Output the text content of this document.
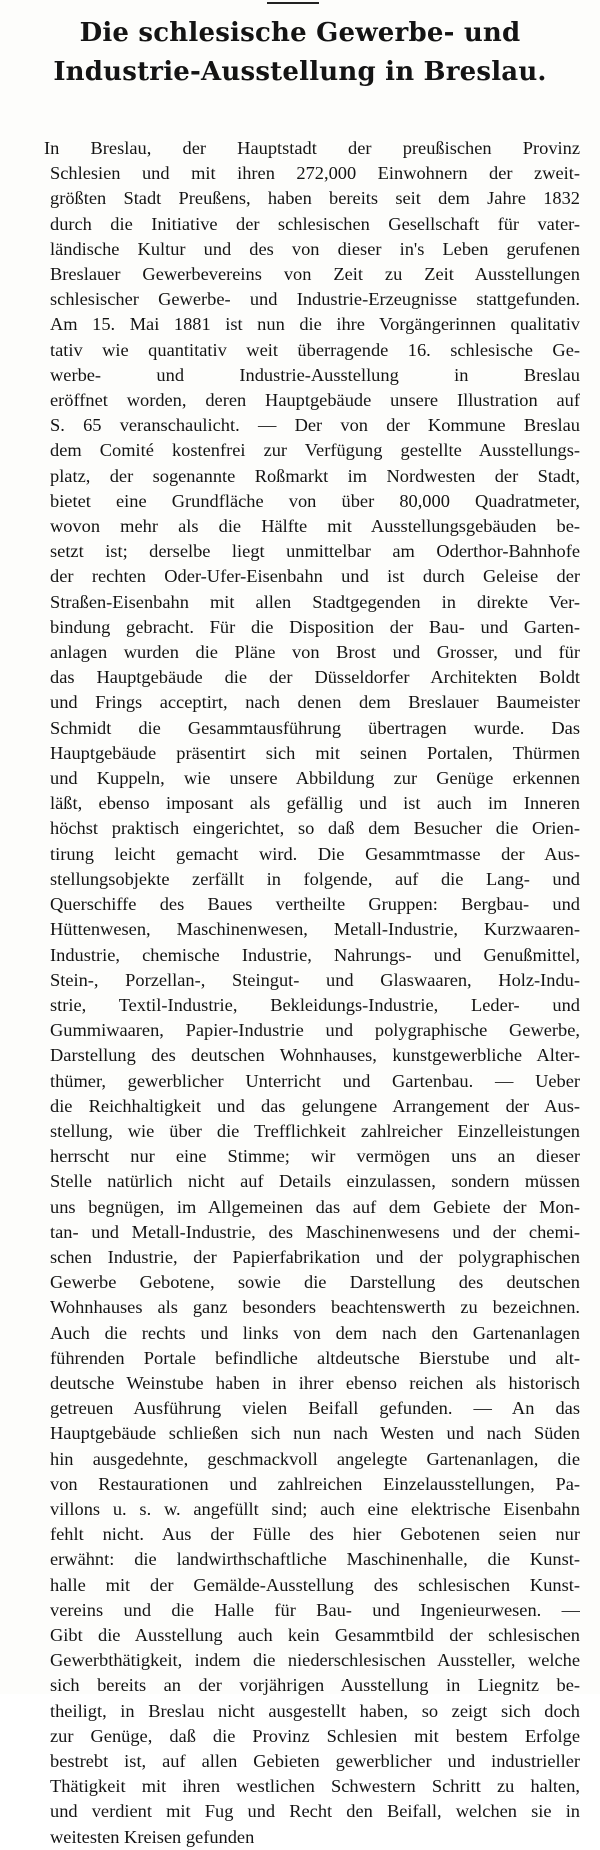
Die schlesische Gewerbe- und Industrie-Ausstellung in Breslau.

In Breslau, der Hauptstadt der preußischen Provinz
Schlesien und mit ihren 272,000 Einwohnern der zweit-
größten Stadt Preußens, haben bereits seit dem Jahre 1832
durch die Initiative der schlesischen Gesellschaft für vater-
ländische Kultur und des von dieser in's Leben gerufenen
Breslauer Gewerbevereins von Zeit zu Zeit Ausstellungen
schlesischer Gewerbe- und Industrie-Erzeugnisse stattgefunden.
Am 15. Mai 1881 ist nun die ihre Vorgängerinnen qualitativ
tativ wie quantitativ weit überragende 16. schlesische Ge-
werbe- und Industrie-Ausstellung in Breslau
eröffnet worden, deren Hauptgebäude unsere Illustration auf
S. 65 veranschaulicht. — Der von der Kommune Breslau
dem Comité kostenfrei zur Verfügung gestellte Ausstellungs-
platz, der sogenannte Roßmarkt im Nordwesten der Stadt,
bietet eine Grundfläche von über 80,000 Quadratmeter,
wovon mehr als die Hälfte mit Ausstellungsgebäuden be-
setzt ist; derselbe liegt unmittelbar am Oderthor-Bahnhofe
der rechten Oder-Ufer-Eisenbahn und ist durch Geleise der
Straßen-Eisenbahn mit allen Stadtgegenden in direkte Ver-
bindung gebracht. Für die Disposition der Bau- und Garten-
anlagen wurden die Pläne von Brost und Grosser, und für
das Hauptgebäude die der Düsseldorfer Architekten Boldt
und Frings acceptirt, nach denen dem Breslauer Baumeister
Schmidt die Gesammtausführung übertragen wurde. Das
Hauptgebäude präsentirt sich mit seinen Portalen, Thürmen
und Kuppeln, wie unsere Abbildung zur Genüge erkennen
läßt, ebenso imposant als gefällig und ist auch im Inneren
höchst praktisch eingerichtet, so daß dem Besucher die Orien-
tirung leicht gemacht wird. Die Gesammtmasse der Aus-
stellungsobjekte zerfällt in folgende, auf die Lang- und
Querschiffe des Baues vertheilte Gruppen: Bergbau- und
Hüttenwesen, Maschinenwesen, Metall-Industrie, Kurzwaaren-
Industrie, chemische Industrie, Nahrungs- und Genußmittel,
Stein-, Porzellan-, Steingut- und Glaswaaren, Holz-Indu-
strie, Textil-Industrie, Bekleidungs-Industrie, Leder- und
Gummiwaaren, Papier-Industrie und polygraphische Gewerbe,
Darstellung des deutschen Wohnhauses, kunstgewerbliche Alter-
thümer, gewerblicher Unterricht und Gartenbau. — Ueber
die Reichhaltigkeit und das gelungene Arrangement der Aus-
stellung, wie über die Trefflichkeit zahlreicher Einzelleistungen
herrscht nur eine Stimme; wir vermögen uns an dieser
Stelle natürlich nicht auf Details einzulassen, sondern müssen
uns begnügen, im Allgemeinen das auf dem Gebiete der Mon-
tan- und Metall-Industrie, des Maschinenwesens und der chemi-
schen Industrie, der Papierfabrikation und der polygraphischen
Gewerbe Gebotene, sowie die Darstellung des deutschen
Wohnhauses als ganz besonders beachtenswerth zu bezeichnen.
Auch die rechts und links von dem nach den Gartenanlagen
führenden Portale befindliche altdeutsche Bierstube und alt-
deutsche Weinstube haben in ihrer ebenso reichen als historisch
getreuen Ausführung vielen Beifall gefunden. — An das
Hauptgebäude schließen sich nun nach Westen und nach Süden
hin ausgedehnte, geschmackvoll angelegte Gartenanlagen, die
von Restaurationen und zahlreichen Einzelausstellungen, Pa-
villons u. s. w. angefüllt sind; auch eine elektrische Eisenbahn
fehlt nicht. Aus der Fülle des hier Gebotenen seien nur
erwähnt: die landwirthschaftliche Maschinenhalle, die Kunst-
halle mit der Gemälde-Ausstellung des schlesischen Kunst-
vereins und die Halle für Bau- und Ingenieurwesen. —
Gibt die Ausstellung auch kein Gesammtbild der schlesischen
Gewerbthätigkeit, indem die niederschlesischen Aussteller, welche
sich bereits an der vorjährigen Ausstellung in Liegnitz be-
theiligt, in Breslau nicht ausgestellt haben, so zeigt sich doch
zur Genüge, daß die Provinz Schlesien mit bestem Erfolge
bestrebt ist, auf allen Gebieten gewerblicher und industrieller
Thätigkeit mit ihren westlichen Schwestern Schritt zu halten,
und verdient mit Fug und Recht den Beifall, welchen sie in
weitesten Kreisen gefunden
